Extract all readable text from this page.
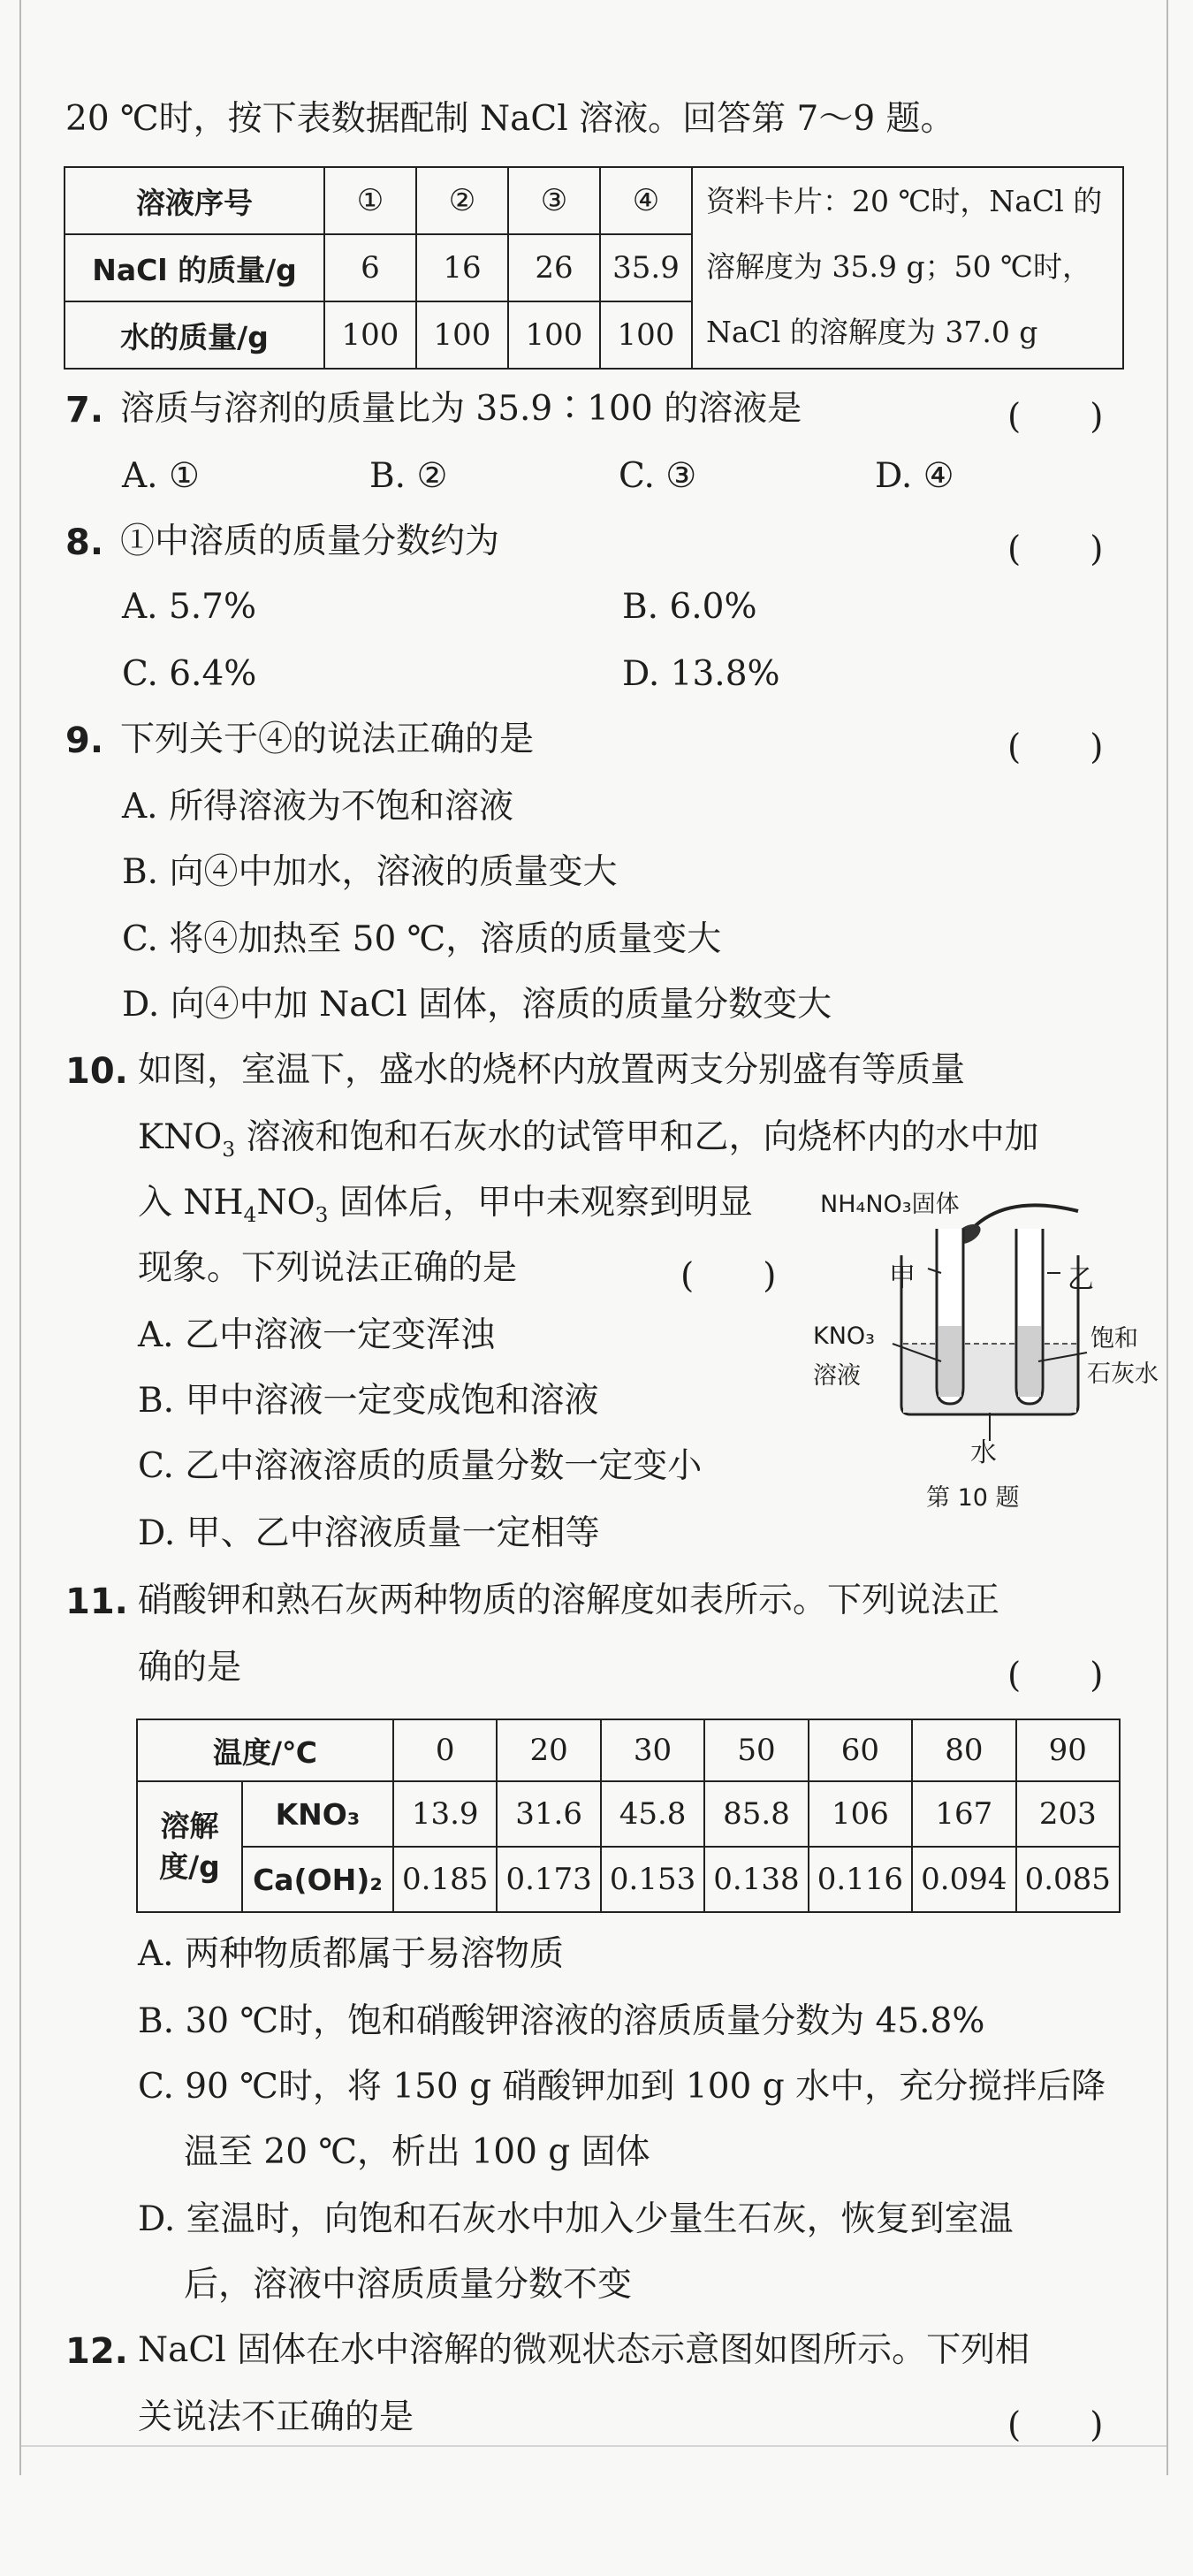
20 ℃时，按下表数据配制 NaCl 溶液。回答第 7～9 题。
溶液序号	①	②	③	④	资料卡片：20 ℃时，NaCl 的
溶解度为 35.9 g；50 ℃时，
NaCl 的溶解度为 37.0 g

NaCl 的质量/g	6	16	26	35.9	
水的质量/g	100	100	100	100	
7. 溶质与溶剂的质量比为 35.9∶100 的溶液是	(　　)
A. ①	B. ②	C. ③	D. ④
8. ①中溶质的质量分数约为	(　　)
A. 5.7%	B. 6.0%
C. 6.4%	D. 13.8%
9. 下列关于④的说法正确的是	(　　)
A. 所得溶液为不饱和溶液
B. 向④中加水，溶液的质量变大
C. 将④加热至 50 ℃，溶质的质量变大
D. 向④中加 NaCl 固体，溶质的质量分数变大
10. 如图，室温下，盛水的烧杯内放置两支分别盛有等质量
$KNO_3$ 溶液和饱和石灰水的试管甲和乙，向烧杯内的水中加
入 $NH_4NO_3$ 固体后，甲中未观察到明显
现象。下列说法正确的是	(　　)
A. 乙中溶液一定变浑浊
B. 甲中溶液一定变成饱和溶液
C. 乙中溶液溶质的质量分数一定变小
D. 甲、乙中溶液质量一定相等
NH₄NO₃固体
甲	乙
KNO₃
溶液
饱和
石灰水
水
第 10 题
11. 硝酸钾和熟石灰两种物质的溶解度如表所示。下列说法正
确的是	(　　)
温度/℃		0	20	30	50	60	80	90
溶解度/g	KNO₃	13.9	31.6	45.8	85.8	106	167	203
	Ca(OH)₂	0.185	0.173	0.153	0.138	0.116	0.094	0.085
A. 两种物质都属于易溶物质
B. 30 ℃时，饱和硝酸钾溶液的溶质质量分数为 45.8%
C. 90 ℃时，将 150 g 硝酸钾加到 100 g 水中，充分搅拌后降
温至 20 ℃，析出 100 g 固体
D. 室温时，向饱和石灰水中加入少量生石灰，恢复到室温
后，溶液中溶质质量分数不变
12. NaCl 固体在水中溶解的微观状态示意图如图所示。下列相
关说法不正确的是	(　　)
